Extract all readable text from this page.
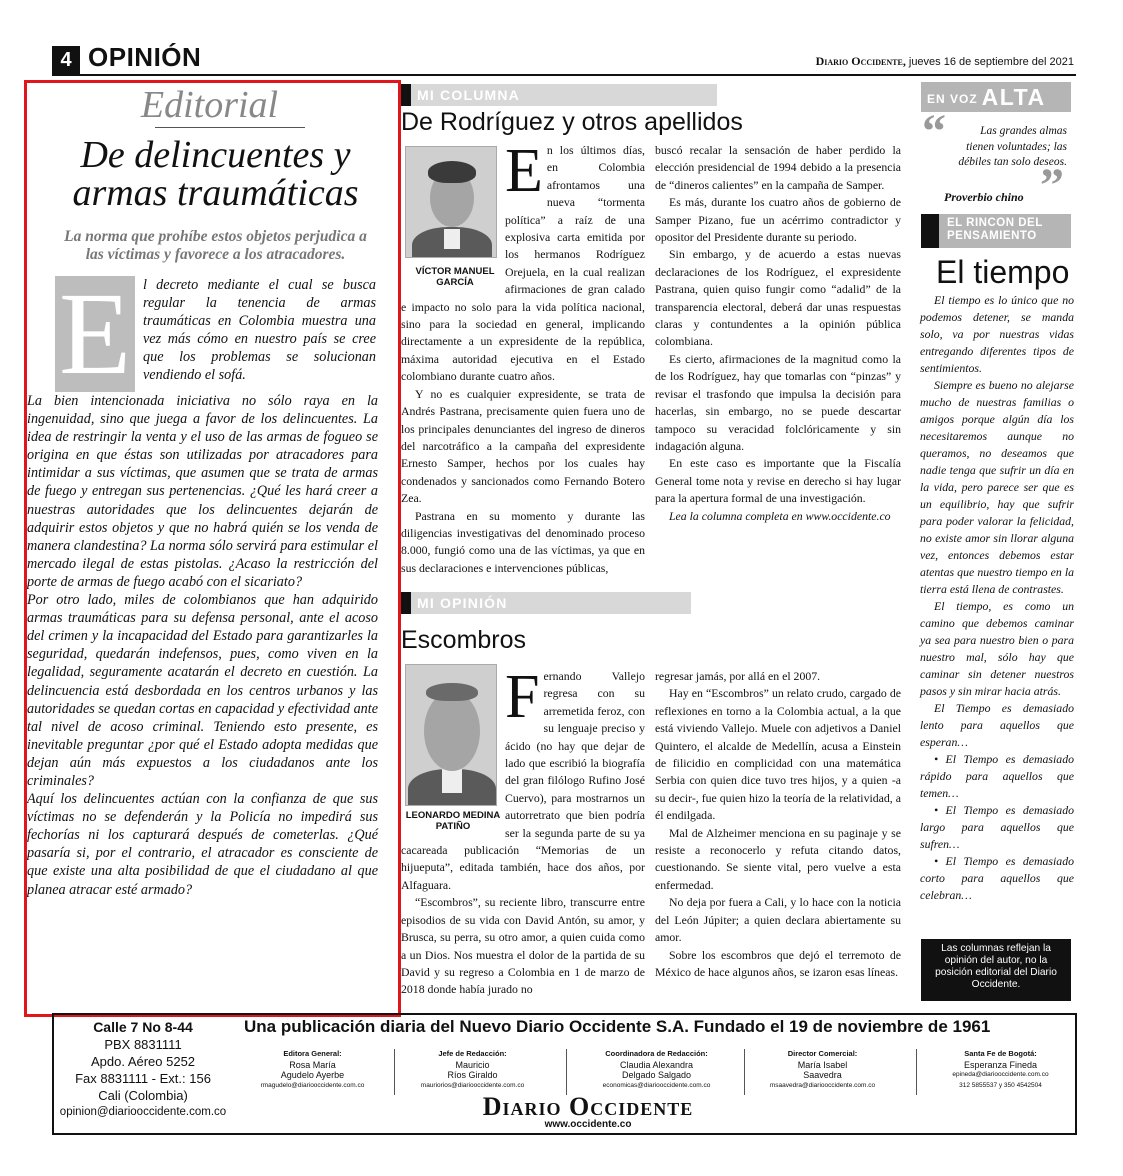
4 OPINIÓN	Diario Occidente, jueves 16 de septiembre del 2021
Editorial
De delincuentes y
armas traumáticas
La norma que prohíbe estos objetos perjudica a las víctimas y favorece a los atracadores.
E l decreto mediante el cual se busca regular la tenencia de armas traumáticas en Colombia muestra una vez más cómo en nuestro país se cree que los problemas se solucionan vendiendo el sofá.

La bien intencionada iniciativa no sólo raya en la ingenuidad, sino que juega a favor de los delincuentes. La idea de restringir la venta y el uso de las armas de fogueo se origina en que éstas son utilizadas por atracadores para intimidar a sus víctimas, que asumen que se trata de armas de fuego y entregan sus pertenencias. ¿Qué les hará creer a nuestras autoridades que los delincuentes dejarán de adquirir estos objetos y que no habrá quién se los venda de manera clandestina? La norma sólo servirá para estimular el mercado ilegal de estas pistolas. ¿Acaso la restricción del porte de armas de fuego acabó con el sicariato?

Por otro lado, miles de colombianos que han adquirido armas traumáticas para su defensa personal, ante el acoso del crimen y la incapacidad del Estado para garantizarles la seguridad, quedarán indefensos, pues, como viven en la legalidad, seguramente acatarán el decreto en cuestión. La delincuencia está desbordada en los centros urbanos y las autoridades se quedan cortas en capacidad y efectividad ante tal nivel de acoso criminal. Teniendo esto presente, es inevitable preguntar ¿por qué el Estado adopta medidas que dejan aún más expuestos a los ciudadanos ante los criminales?

Aquí los delincuentes actúan con la confianza de que sus víctimas no se defenderán y la Policía no impedirá sus fechorías ni los capturará después de cometerlas. ¿Qué pasaría si, por el contrario, el atracador es consciente de que existe una alta posibilidad de que el ciudadano al que planea atracar esté armado?

MI COLUMNA
De Rodríguez y otros apellidos
VÍCTOR MANUEL
GARCÍA

En los últimos días, en Colombia afrontamos una nueva “tormenta política” a raíz de una explosiva carta emitida por los hermanos Rodríguez Orejuela, en la cual realizan afirmaciones de gran calado e impacto no solo para la vida política nacional, sino para la sociedad en general, implicando directamente a un expresidente de la república, máxima autoridad ejecutiva en el Estado colombiano durante cuatro años.

Y no es cualquier expresidente, se trata de Andrés Pastrana, precisamente quien fuera uno de los principales denunciantes del ingreso de dineros del narcotráfico a la campaña del expresidente Ernesto Samper, hechos por los cuales hay condenados y sancionados como Fernando Botero Zea.

Pastrana en su momento y durante las diligencias investigativas del denominado proceso 8.000, fungió como una de las víctimas, ya que en sus declaraciones e intervenciones públicas,

buscó recalar la sensación de haber perdido la elección presidencial de 1994 debido a la presencia de “dineros calientes” en la campaña de Samper.

Es más, durante los cuatro años de gobierno de Samper Pizano, fue un acérrimo contradictor y opositor del Presidente durante su periodo.

Sin embargo, y de acuerdo a estas nuevas declaraciones de los Rodríguez, el expresidente Pastrana, quien quiso fungir como “adalid” de la transparencia electoral, deberá dar unas respuestas claras y contundentes a la opinión pública colombiana.

Es cierto, afirmaciones de la magnitud como la de los Rodríguez, hay que tomarlas con “pinzas” y revisar el trasfondo que impulsa la decisión para hacerlas, sin embargo, no se puede descartar tampoco su veracidad folclóricamente y sin indagación alguna.

En este caso es importante que la Fiscalía General tome nota y revise en derecho si hay lugar para la apertura formal de una investigación.

Lea la columna completa en www.occidente.co

MI OPINIÓN
Escombros
LEONARDO MEDINA
PATIÑO

Fernando Vallejo regresa con su arremetida feroz, con su lenguaje preciso y ácido (no hay que dejar de lado que escribió la biografía del gran filólogo Rufino José Cuervo), para mostrarnos un autorretrato que bien podría ser la segunda parte de su ya cacareada publicación “Memorias de un hijueputa”, editada también, hace dos años, por Alfaguara.

“Escombros”, su reciente libro, transcurre entre episodios de su vida con David Antón, su amor, y Brusca, su perra, su otro amor, a quien cuida como a un Dios. Nos muestra el dolor de la partida de su David y su regreso a Colombia en 1 de marzo de 2018 donde había jurado no

regresar jamás, por allá en el 2007.

Hay en “Escombros” un relato crudo, cargado de reflexiones en torno a la Colombia actual, a la que está viviendo Vallejo. Muele con adjetivos a Daniel Quintero, el alcalde de Medellín, acusa a Einstein de filicidio en complicidad con una matemática Serbia con quien dice tuvo tres hijos, y a quien -a su decir-, fue quien hizo la teoría de la relatividad, a él endilgada.

Mal de Alzheimer menciona en su paginaje y se resiste a reconocerlo y refuta citando datos, cuestionando. Se siente vital, pero vuelve a esta enfermedad.

No deja por fuera a Cali, y lo hace con la noticia del León Júpiter; a quien declara abiertamente su amor.

Sobre los escombros que dejó el terremoto de México de hace algunos años, se izaron esas líneas.

EN VOZ ALTA
“
”
Las grandes almas tienen voluntades; las débiles tan solo deseos.
Proverbio chino
EL RINCON DEL
PENSAMIENTO
El tiempo

El tiempo es lo único que no podemos detener, se manda solo, va por nuestras vidas entregando diferentes tipos de sentimientos.

Siempre es bueno no alejarse mucho de nuestras familias o amigos porque algún día los necesitaremos aunque no queramos, no deseamos que nadie tenga que sufrir un día en la vida, pero parece ser que es un equilibrio, hay que sufrir para poder valorar la felicidad, no existe amor sin llorar alguna vez, entonces debemos estar atentas que nuestro tiempo en la tierra está llena de contrastes.

El tiempo, es como un camino que debemos caminar ya sea para nuestro bien o para nuestro mal, sólo hay que caminar sin detener nuestros pasos y sin mirar hacia atrás.

El Tiempo es demasiado lento para aquellos que esperan…

• El Tiempo es demasiado rápido para aquellos que temen…

• El Tiempo es demasiado largo para aquellos que sufren…

• El Tiempo es demasiado corto para aquellos que celebran…

Las columnas reflejan la opinión del autor, no la posición editorial del Diario Occidente.
Calle 7 No 8-44
PBX 8831111
Apdo. Aéreo 5252
Fax 8831111 - Ext.: 156
Cali (Colombia)
opinion@diariooccidente.com.co
Una publicación diaria del Nuevo Diario Occidente S.A. Fundado el 19 de noviembre de 1961
Editora General:
Rosa María
Agudelo Ayerbe
rmagudelo@diariooccidente.com.co
Jefe de Redacción:
Mauricio
Ríos Giraldo
mauriorios@diariooccidente.com.co
Coordinadora de Redacción:
Claudia Alexandra
Delgado Salgado
economicas@diariooccidente.com.co
Director Comercial:
María Isabel
Saavedra
msaavedra@diariooccidente.com.co
Santa Fe de Bogotá:
Esperanza Fineda
epineda@diariooccidente.com.co
312 5855537 y 350 4542504
Diario Occidente
www.occidente.co
